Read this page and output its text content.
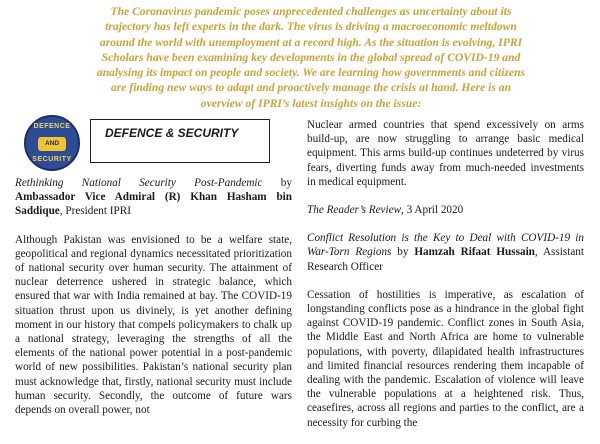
The Coronavirus pandemic poses unprecedented challenges as uncertainty about its trajectory has left experts in the dark. The virus is driving a macroeconomic meltdown around the world with unemployment at a record high. As the situation is evolving, IPRI Scholars have been examining key developments in the global spread of COVID-19 and analysing its impact on people and society. We are learning how governments and citizens are finding new ways to adapt and proactively manage the crisis at hand. Here is an overview of IPRI’s latest insights on the issue:
DEFENCE
AND
SECURITY
DEFENCE & SECURITY

Rethinking National Security Post-Pandemic by Ambassador Vice Admiral (R) Khan Hasham bin Saddique, President IPRI

Although Pakistan was envisioned to be a welfare state, geopolitical and regional dynamics necessitated prioritization of national security over human security. The attainment of nuclear deterrence ushered in strategic balance, which ensured that war with India remained at bay. The COVID-19 situation thrust upon us divinely, is yet another defining moment in our history that compels policymakers to chalk up a national strategy, leveraging the strengths of all the elements of the national power potential in a post-pandemic world of new possibilities. Pakistan’s national security plan must acknowledge that, firstly, national security must include human security. Secondly, the outcome of future wars depends on overall power, not

Nuclear armed countries that spend excessively on arms build-up, are now struggling to arrange basic medical equipment. This arms build-up continues undeterred by virus fears, diverting funds away from much-needed investments in medical equipment.

The Reader’s Review, 3 April 2020

Conflict Resolution is the Key to Deal with COVID-19 in War-Torn Regions by Hamzah Rifaat Hussain, Assistant Research Officer

Cessation of hostilities is imperative, as escalation of longstanding conflicts pose as a hindrance in the global fight against COVID-19 pandemic. Conflict zones in South Asia, the Middle East and North Africa are home to vulnerable populations, with poverty, dilapidated health infrastructures and limited financial resources rendering them incapable of dealing with the pandemic. Escalation of violence will leave the vulnerable populations at a heightened risk. Thus, ceasefires, across all regions and parties to the conflict, are a necessity for curbing the
